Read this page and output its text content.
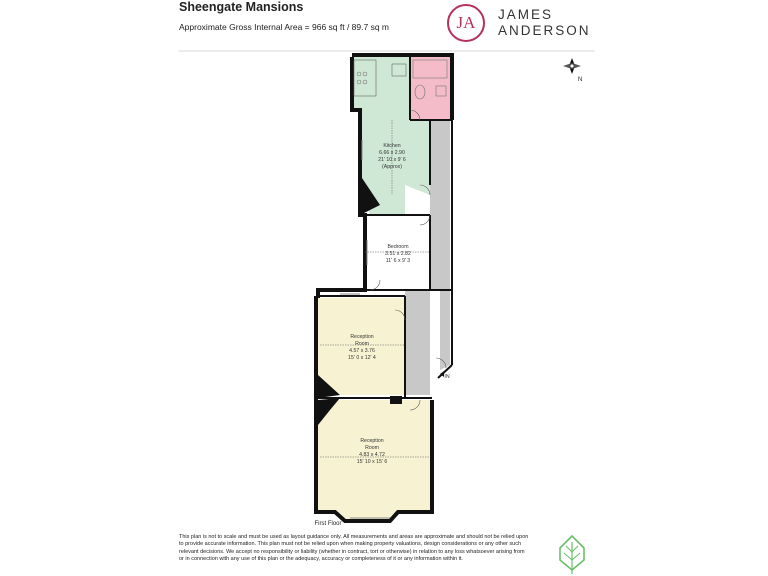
Sheengate Mansions
Approximate Gross Internal Area = 966 sq ft / 89.7 sq m	JA JAMES
ANDERSON
Kitchen
6.66 x 2.90
21' 10 x 9' 6
(Approx)
Bedroom
3.51 x 2.82
11' 6 x 9' 3
Reception
Room
4.57 x 3.76
15' 0 x 12' 4
Reception
Room
4.83 x 4.72
15' 10 x 15' 6
IN
First Floor
N
This plan is not to scale and must be used as layout guidance only. All measurements and areas are approximate and should not be relied upon to provide accurate information. This plan must not be relied upon when making property valuations, design considerations or any other such relevant decisions. We accept no responsibility or liability (whether in contract, tort or otherwise) in relation to any loss whatsoever arising from or in connection with any use of this plan or the adequacy, accuracy or completeness of it or any information within it.
